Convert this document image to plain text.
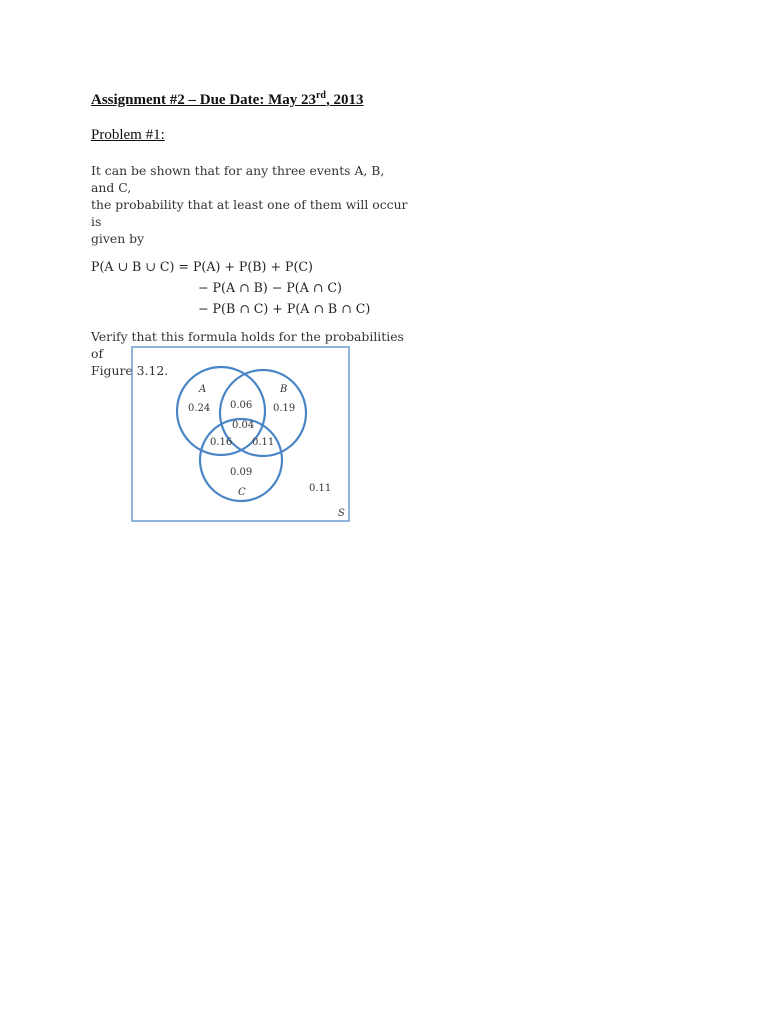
Assignment #2 – Due Date: May 23rd, 2013
Problem #1:

It can be shown that for any three events A, B, and C,
the probability that at least one of them will occur is
given by

P(A ∪ B ∪ C) = P(A) + P(B) + P(C)
− P(A ∩ B) − P(A ∩ C)
− P(B ∩ C) + P(A ∩ B ∩ C)

Verify that this formula holds for the probabilities of
Figure 3.12.

A	B
C
S
0.24 0.06 0.19
0.04
0.16 0.11
0.09
0.11
